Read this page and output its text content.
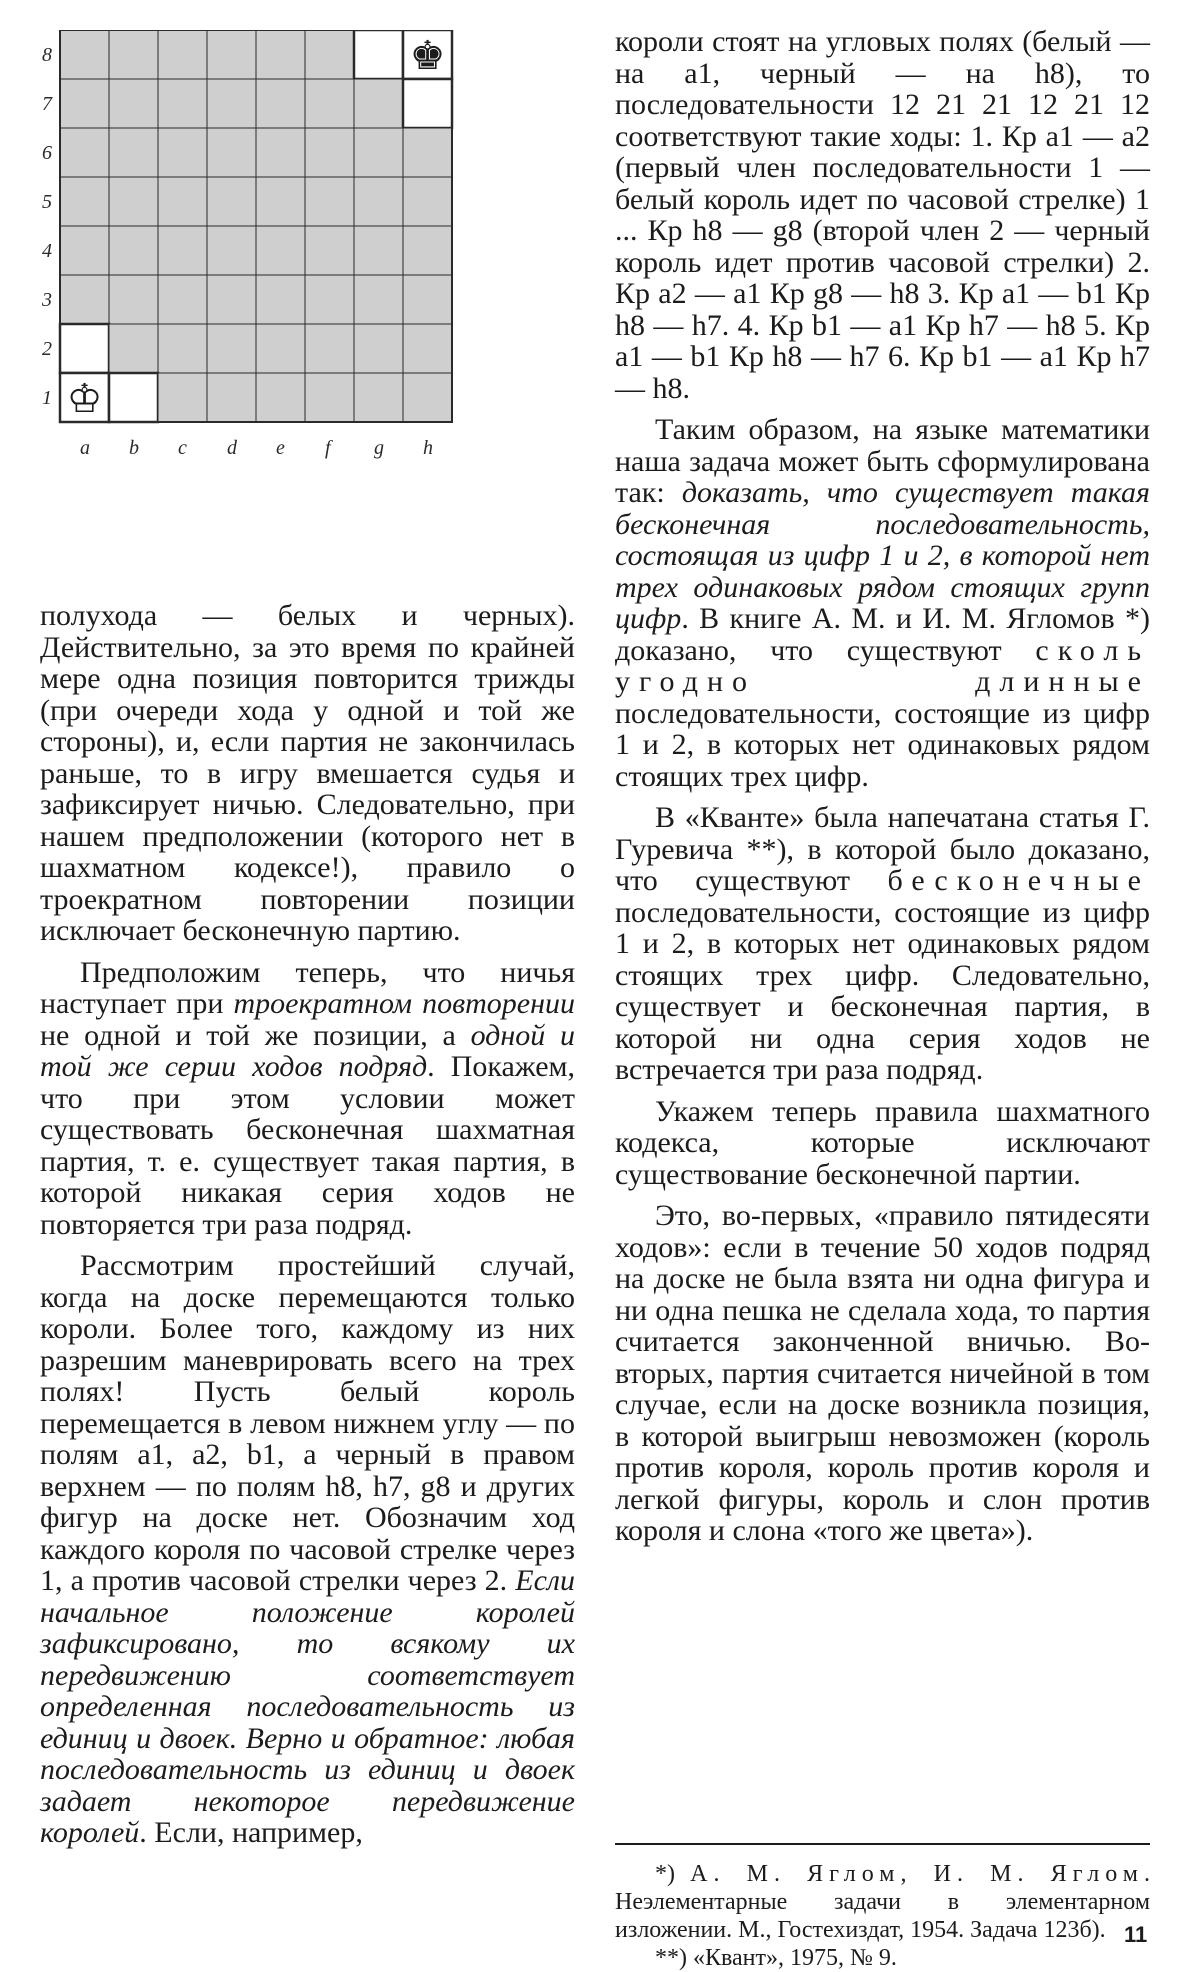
8
7
6
5
4
3
2
1
a b c d e f g h
♔
♚

полухода — белых и черных). Действительно, за это время по крайней мере одна позиция повторится трижды (при очереди хода у одной и той же стороны), и, если партия не закончилась раньше, то в игру вмешается судья и зафиксирует ничью. Следовательно, при нашем предположении (которого нет в шахматном кодексе!), правило о троекратном повторении позиции исключает бесконечную партию.

Предположим теперь, что ничья наступает при троекратном повторении не одной и той же позиции, а одной и той же серии ходов подряд. Покажем, что при этом условии может существовать бесконечная шахматная партия, т. е. существует такая партия, в которой никакая серия ходов не повторяется три раза подряд.

Рассмотрим простейший случай, когда на доске перемещаются только короли. Более того, каждому из них разрешим маневрировать всего на трех полях! Пусть белый король перемещается в левом нижнем углу — по полям a1, a2, b1, а черный в правом верхнем — по полям h8, h7, g8 и других фигур на доске нет. Обозначим ход каждого короля по часовой стрелке через 1, а против часовой стрелки через 2. Если начальное положение королей зафиксировано, то всякому их передвижению соответствует определенная последовательность из единиц и двоек. Верно и обратное: любая последовательность из единиц и двоек задает некоторое передвижение королей. Если, например,

короли стоят на угловых полях (белый — на a1, черный — на h8), то последовательности 12 21 21 12 21 12 соответствуют такие ходы: 1. Кр a1 — a2 (первый член последовательности 1 — белый король идет по часовой стрелке) 1 ... Кр h8 — g8 (второй член 2 — черный король идет против часовой стрелки) 2. Кр a2 — a1 Кр g8 — h8 3. Кр a1 — b1 Кр h8 — h7. 4. Кр b1 — a1 Кр h7 — h8 5. Кр a1 — b1 Кр h8 — h7 6. Кр b1 — a1 Кр h7 — h8.

Таким образом, на языке математики наша задача может быть сформулирована так: доказать, что существует такая бесконечная последовательность, состоящая из цифр 1 и 2, в которой нет трех одинаковых рядом стоящих групп цифр. В книге А. М. и И. М. Ягломов *) доказано, что существуют сколь угодно длинные последовательности, состоящие из цифр 1 и 2, в которых нет одинаковых рядом стоящих трех цифр.

В «Кванте» была напечатана статья Г. Гуревича **), в которой было доказано, что существуют бесконечные последовательности, состоящие из цифр 1 и 2, в которых нет одинаковых рядом стоящих трех цифр. Следовательно, существует и бесконечная партия, в которой ни одна серия ходов не встречается три раза подряд.

Укажем теперь правила шахматного кодекса, которые исключают существование бесконечной партии.

Это, во-первых, «правило пятидесяти ходов»: если в течение 50 ходов подряд на доске не была взята ни одна фигура и ни одна пешка не сделала хода, то партия считается законченной вничью. Во-вторых, партия считается ничейной в том случае, если на доске возникла позиция, в которой выигрыш невозможен (король против короля, король против короля и легкой фигуры, король и слон против короля и слона «того же цвета»).

*) А. М. Яглом, И. М. Яглом. Неэлементарные задачи в элементарном изложении. М., Гостехиздат, 1954. Задача 123б).

**) «Квант», 1975, № 9.

11
